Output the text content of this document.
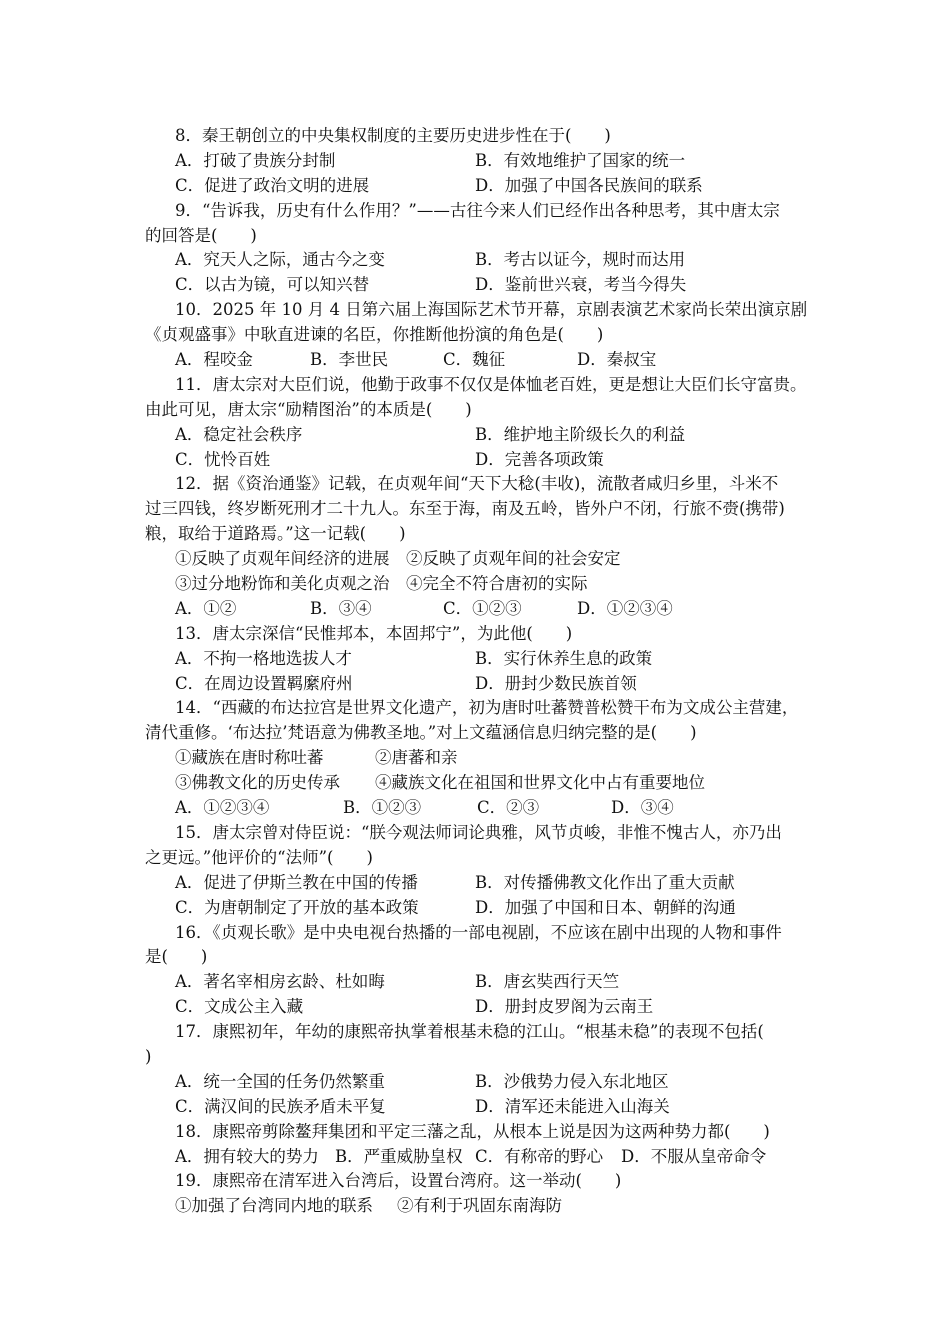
8．秦王朝创立的中央集权制度的主要历史进步性在于(　　)
A．打破了贵族分封制	B．有效地维护了国家的统一
C．促进了政治文明的进展	D．加强了中国各民族间的联系
9．“告诉我，历史有什么作用？”——古往今来人们已经作出各种思考，其中唐太宗
的回答是(　　)
A．究天人之际，通古今之变	B．考古以证今，规时而达用
C．以古为镜，可以知兴替	D．鉴前世兴衰，考当今得失
10．2025 年 10 月 4 日第六届上海国际艺术节开幕，京剧表演艺术家尚长荣出演京剧
《贞观盛事》中耿直进谏的名臣，你推断他扮演的角色是(　　)
A．程咬金	B．李世民	C．魏征	D．秦叔宝
11．唐太宗对大臣们说，他勤于政事不仅仅是体恤老百姓，更是想让大臣们长守富贵。
由此可见，唐太宗“励精图治”的本质是(　　)
A．稳定社会秩序	B．维护地主阶级长久的利益
C．忧怜百姓	D．完善各项政策
12．据《资治通鉴》记载，在贞观年间“天下大稔(丰收)，流散者咸归乡里，斗米不
过三四钱，终岁断死刑才二十九人。东至于海，南及五岭，皆外户不闭，行旅不赍(携带)
粮，取给于道路焉。”这一记载(　　)
①反映了贞观年间经济的进展　②反映了贞观年间的社会安定
③过分地粉饰和美化贞观之治　④完全不符合唐初的实际
A．①②	B．③④	C．①②③	D．①②③④
13．唐太宗深信“民惟邦本，本固邦宁”，为此他(　　)
A．不拘一格地选拔人才	B．实行休养生息的政策
C．在周边设置羁縻府州	D．册封少数民族首领
14．“西藏的布达拉宫是世界文化遗产，初为唐时吐蕃赞普松赞干布为文成公主营建，
清代重修。‘布达拉’梵语意为佛教圣地。”对上文蕴涵信息归纳完整的是(　　)
①藏族在唐时称吐蕃	②唐蕃和亲
③佛教文化的历史传承 ④藏族文化在祖国和世界文化中占有重要地位
A．①②③④	B．①②③	C．②③	D．③④
15．唐太宗曾对侍臣说：“朕今观法师词论典雅，风节贞峻，非惟不愧古人，亦乃出
之更远。”他评价的“法师”(　　)
A．促进了伊斯兰教在中国的传播	B．对传播佛教文化作出了重大贡献
C．为唐朝制定了开放的基本政策	D．加强了中国和日本、朝鲜的沟通
16．《贞观长歌》是中央电视台热播的一部电视剧，不应该在剧中出现的人物和事件
是(　　)
A．著名宰相房玄龄、杜如晦	B．唐玄奘西行天竺
C．文成公主入藏	D．册封皮罗阁为云南王
17．康熙初年，年幼的康熙帝执掌着根基未稳的江山。“根基未稳”的表现不包括(
)
A．统一全国的任务仍然繁重	B．沙俄势力侵入东北地区
C．满汉间的民族矛盾未平复	D．清军还未能进入山海关
18．康熙帝剪除鳌拜集团和平定三藩之乱，从根本上说是因为这两种势力都(　　)
A．拥有较大的势力 B．严重威胁皇权 C．有称帝的野心 D．不服从皇帝命令
19．康熙帝在清军进入台湾后，设置台湾府。这一举动(　　)
①加强了台湾同内地的联系 ②有利于巩固东南海防
